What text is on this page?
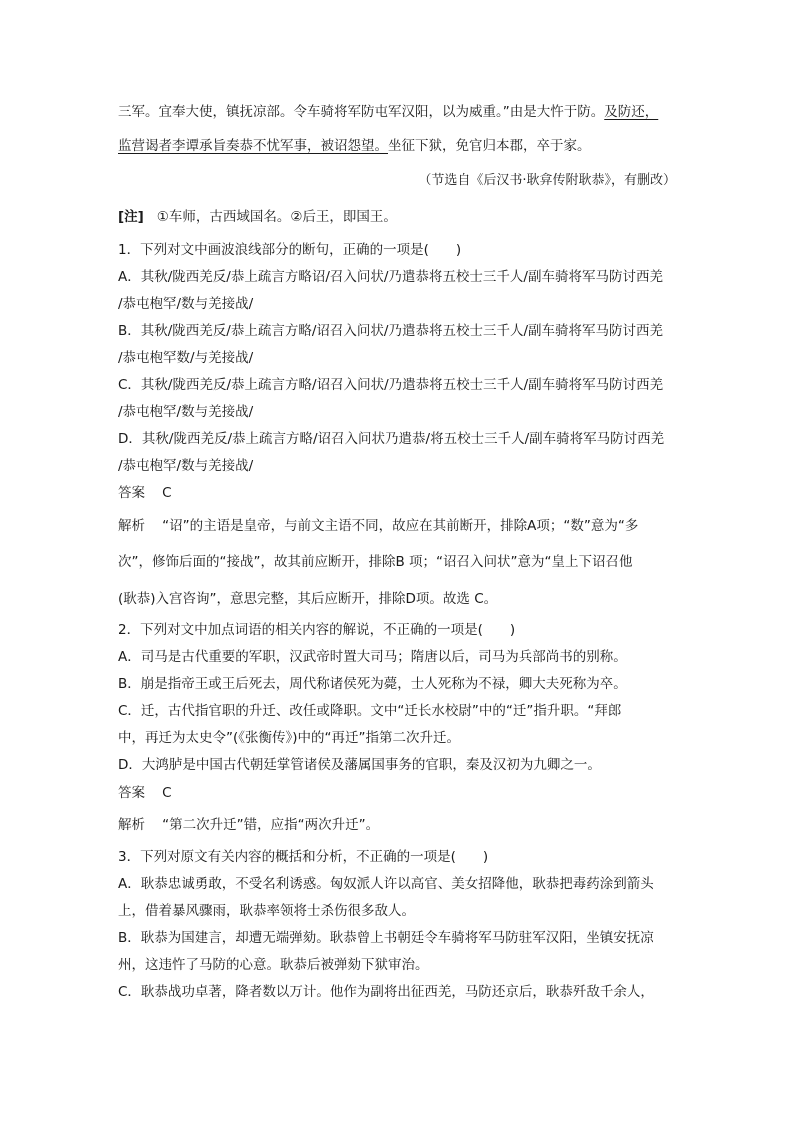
三军。宜奉大使，镇抚凉部。令车骑将军防屯军汉阳，以为威重。”由是大忤于防。及防还，
监营谒者李谭承旨奏恭不忧军事，被诏怨望。坐征下狱，免官归本郡，卒于家。
（节选自《后汉书·耿弇传附耿恭》，有删改）
[注] ①车师，古西域国名。②后王，即国王。
1．下列对文中画波浪线部分的断句，正确的一项是(　　)
A．其秋/陇西羌反/恭上疏言方略诏/召入问状/乃遣恭将五校士三千人/副车骑将军马防讨西羌
/恭屯枹罕/数与羌接战/
B．其秋/陇西羌反/恭上疏言方略/诏召入问状/乃遣恭将五校士三千人/副车骑将军马防讨西羌
/恭屯枹罕数/与羌接战/
C．其秋/陇西羌反/恭上疏言方略/诏召入问状/乃遣恭将五校士三千人/副车骑将军马防讨西羌
/恭屯枹罕/数与羌接战/
D．其秋/陇西羌反/恭上疏言方略/诏召入问状乃遣恭/将五校士三千人/副车骑将军马防讨西羌
/恭屯枹罕/数与羌接战/
答案 C
解析 “诏”的主语是皇帝，与前文主语不同，故应在其前断开，排除A项；“数”意为“多
次”，修饰后面的“接战”，故其前应断开，排除B 项；“诏召入问状”意为“皇上下诏召他
(耿恭)入宫咨询”，意思完整，其后应断开，排除D项。故选 C。
2．下列对文中加点词语的相关内容的解说，不正确的一项是(　　)
A．司马是古代重要的军职，汉武帝时置大司马；隋唐以后，司马为兵部尚书的别称。
B．崩是指帝王或王后死去，周代称诸侯死为薨，士人死称为不禄，卿大夫死称为卒。
C．迁，古代指官职的升迁、改任或降职。文中“迁长水校尉”中的“迁”指升职。“拜郎
中，再迁为太史令”(《张衡传》)中的“再迁”指第二次升迁。
D．大鸿胪是中国古代朝廷掌管诸侯及藩属国事务的官职，秦及汉初为九卿之一。
答案 C
解析 “第二次升迁”错，应指“两次升迁”。
3．下列对原文有关内容的概括和分析，不正确的一项是(　　)
A．耿恭忠诚勇敢，不受名利诱惑。匈奴派人许以高官、美女招降他，耿恭把毒药涂到箭头
上，借着暴风骤雨，耿恭率领将士杀伤很多敌人。
B．耿恭为国建言，却遭无端弹劾。耿恭曾上书朝廷令车骑将军马防驻军汉阳，坐镇安抚凉
州，这违忤了马防的心意。耿恭后被弹劾下狱审治。
C．耿恭战功卓著，降者数以万计。他作为副将出征西羌，马防还京后，耿恭歼敌千余人，
